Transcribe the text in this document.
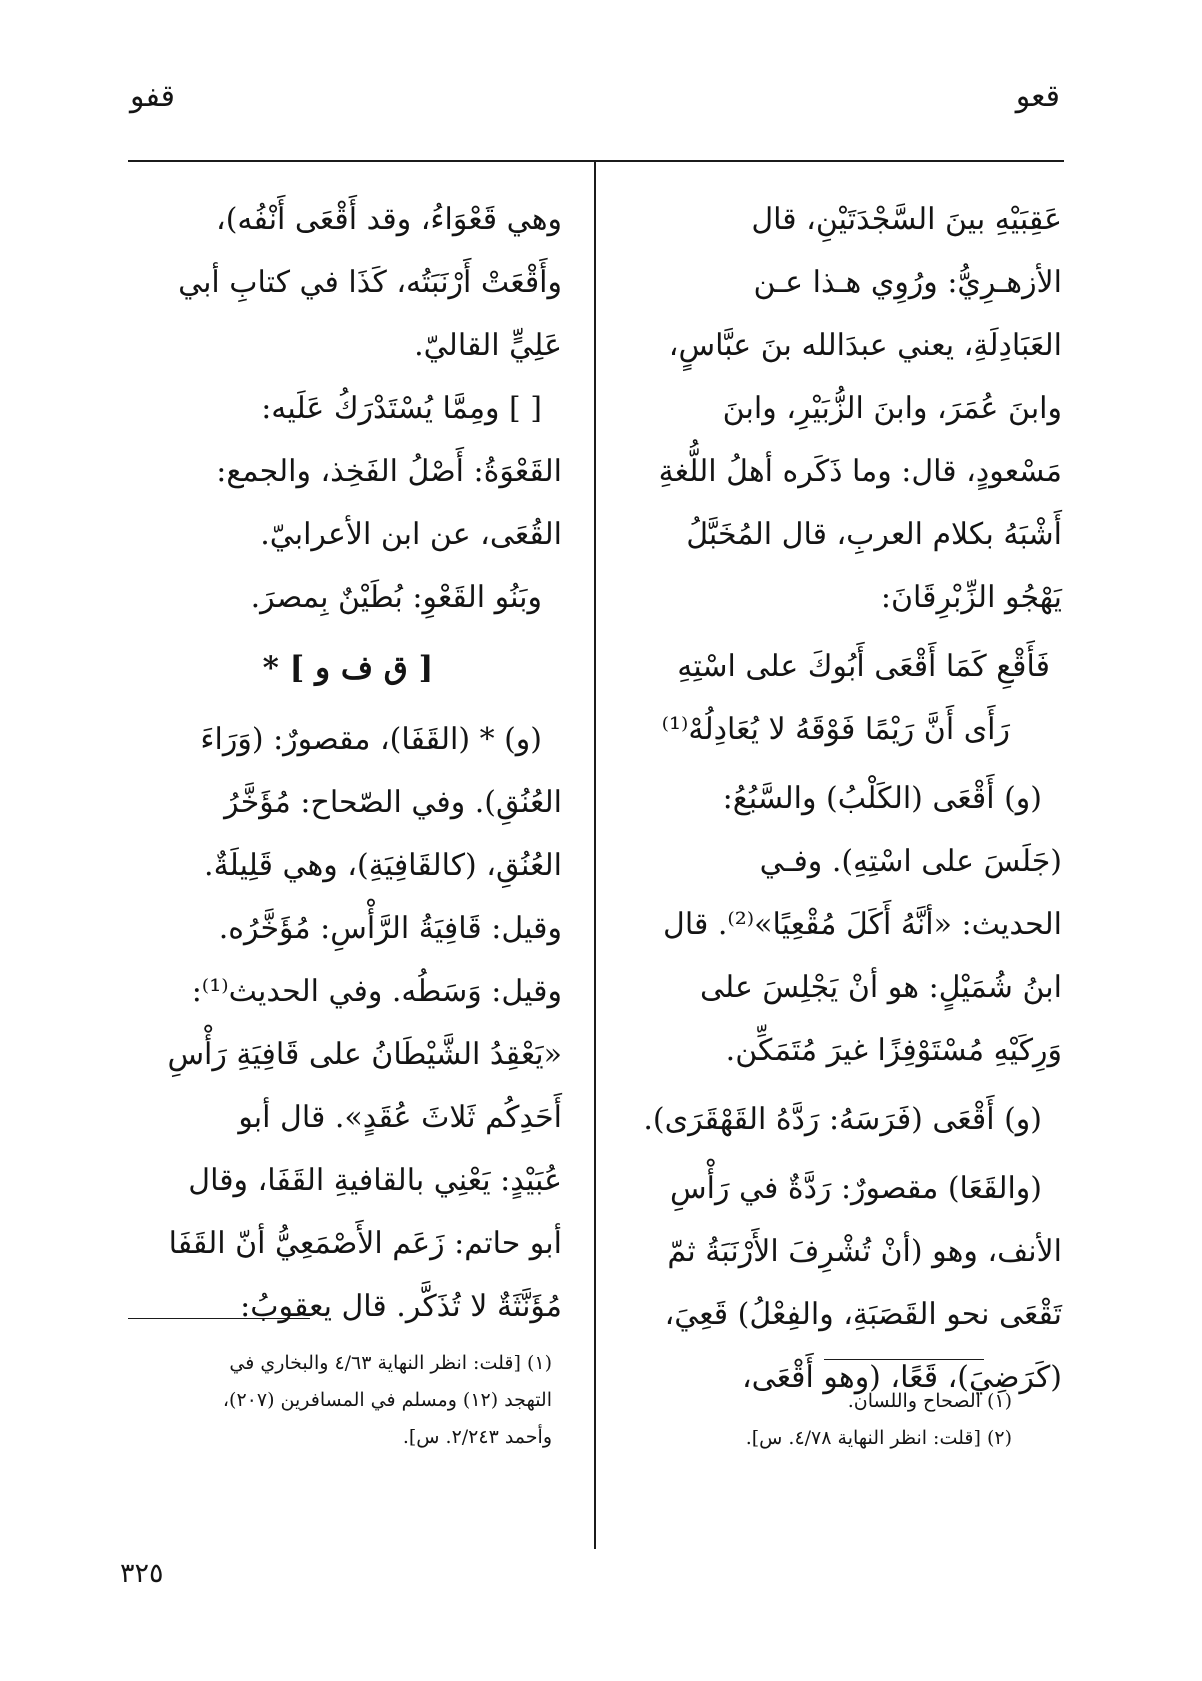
قعو
قفو

عَقِبَيْهِ بينَ السَّجْدَتَيْنِ، قال

الأزهـرِيُّ: ورُوِي هـذا عـن

العَبَادِلَةِ، يعني عبدَالله بنَ عبَّاسٍ،

وابنَ عُمَرَ، وابنَ الزُّبَيْرِ، وابنَ

مَسْعودٍ، قال: وما ذَكَره أهلُ اللُّغةِ

أَشْبَهُ بكلام العربِ، قال المُخَبَّلُ

يَهْجُو الزِّبْرِقَانَ:

فَأَقْعِ كَمَا أَقْعَى أَبُوكَ على اسْتِهِ

رَأَى أَنَّ رَيْمًا فَوْقَهُ لا يُعَادِلُهْ⁽¹⁾

(و) أَقْعَى (الكَلْبُ) والسَّبُعُ:

(جَلَسَ على اسْتِهِ). وفـي

الحديث: «أنَّهُ أَكَلَ مُقْعِيًا»⁽²⁾. قال

ابنُ شُمَيْلٍ: هو أنْ يَجْلِسَ على

وَرِكَيْهِ مُسْتَوْفِزًا غيرَ مُتَمَكِّن.

(و) أَقْعَى (فَرَسَهُ: رَدَّهُ القَهْقَرَى).

(والقَعَا) مقصورٌ: رَدَّةٌ في رَأْسِ

الأنف، وهو (أنْ تُشْرِفَ الأَرْنَبَةُ ثمّ

تَقْعَى نحو القَصَبَةِ، والفِعْلُ) قَعِيَ،

(كَرَضِيَ)، قَعًا، (وهو أَقْعَى،

وهي قَعْوَاءُ، وقد أَقْعَى أَنْفُه)،

وأَقْعَتْ أَرْنَبَتُه، كَذَا في كتابِ أبي

عَلِيٍّ القاليّ.

[ ] ومِمَّا يُسْتَدْرَكُ عَلَيه:

القَعْوَةُ: أَصْلُ الفَخِذ، والجمع:

القُعَى، عن ابن الأعرابيّ.

وبَنُو القَعْوِ: بُطَيْنٌ بِمصرَ.

[ ق ف و ] *

(و) * (القَفَا)، مقصورٌ: (وَرَاءَ

العُنُقِ). وفي الصّحاح: مُؤَخَّرُ

العُنُقِ، (كالقَافِيَةِ)، وهي قَلِيلَةٌ.

وقيل: قَافِيَةُ الرَّأْسِ: مُؤَخَّرُه.

وقيل: وَسَطُه. وفي الحديث⁽¹⁾:

«يَعْقِدُ الشَّيْطَانُ على قَافِيَةِ رَأْسِ

أَحَدِكُم ثَلاثَ عُقَدٍ». قال أبو

عُبَيْدٍ: يَعْنِي بالقافيةِ القَفَا، وقال

أبو حاتم: زَعَم الأَصْمَعِيُّ أنّ القَفَا

مُؤَنَّثَةٌ لا تُذَكَّر. قال يعقوبُ:

(١) الصحاح واللسان.

(٢) [قلت: انظر النهاية ٤/٧٨. س].

(١) [قلت: انظر النهاية ٤/٦٣ والبخاري في

التهجد (١٢) ومسلم في المسافرين (٢٠٧)،

وأحمد ٢/٢٤٣. س].

٣٢٥
